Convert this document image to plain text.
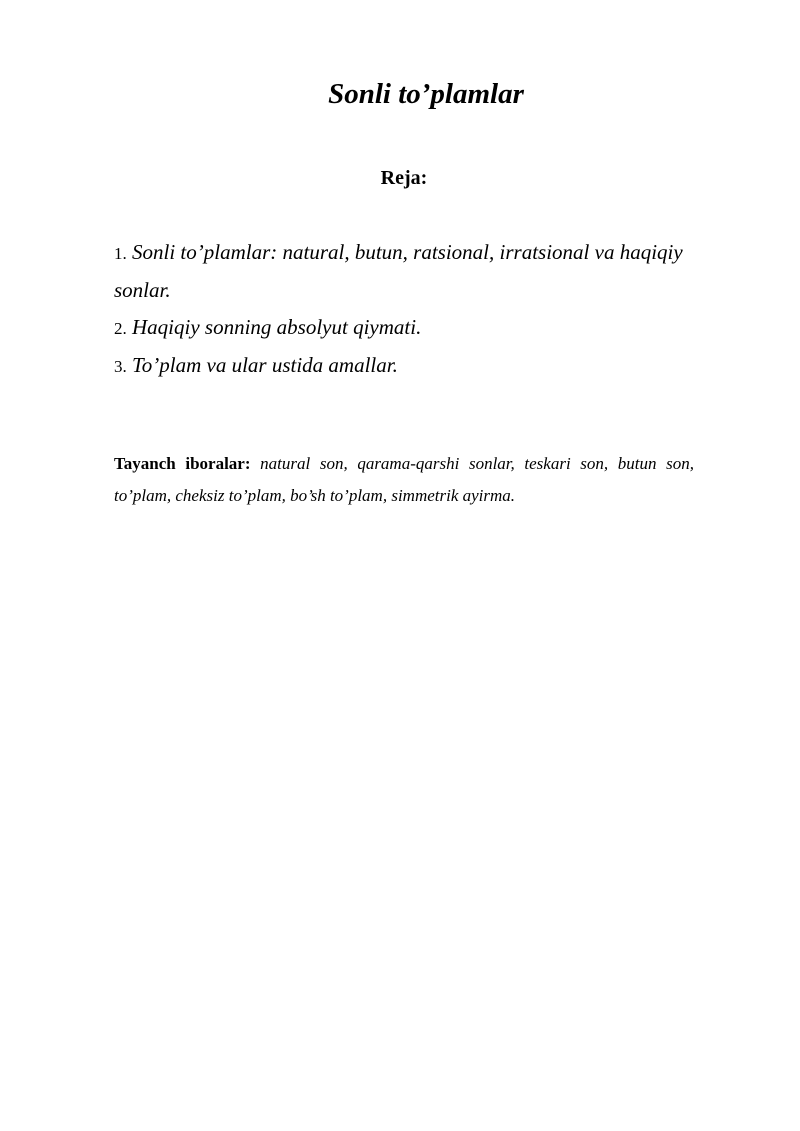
Sonli to’plamlar
Reja:
1. Sonli to’plamlar: natural, butun, ratsional, irratsional va haqiqiy sonlar.
2. Haqiqiy sonning absolyut qiymati.
3. To’plam va ular ustida amallar.
Tayanch iboralar: natural son, qarama-qarshi sonlar, teskari son, butun son, to’plam, cheksiz to’plam, bo’sh to’plam, simmetrik ayirma.
